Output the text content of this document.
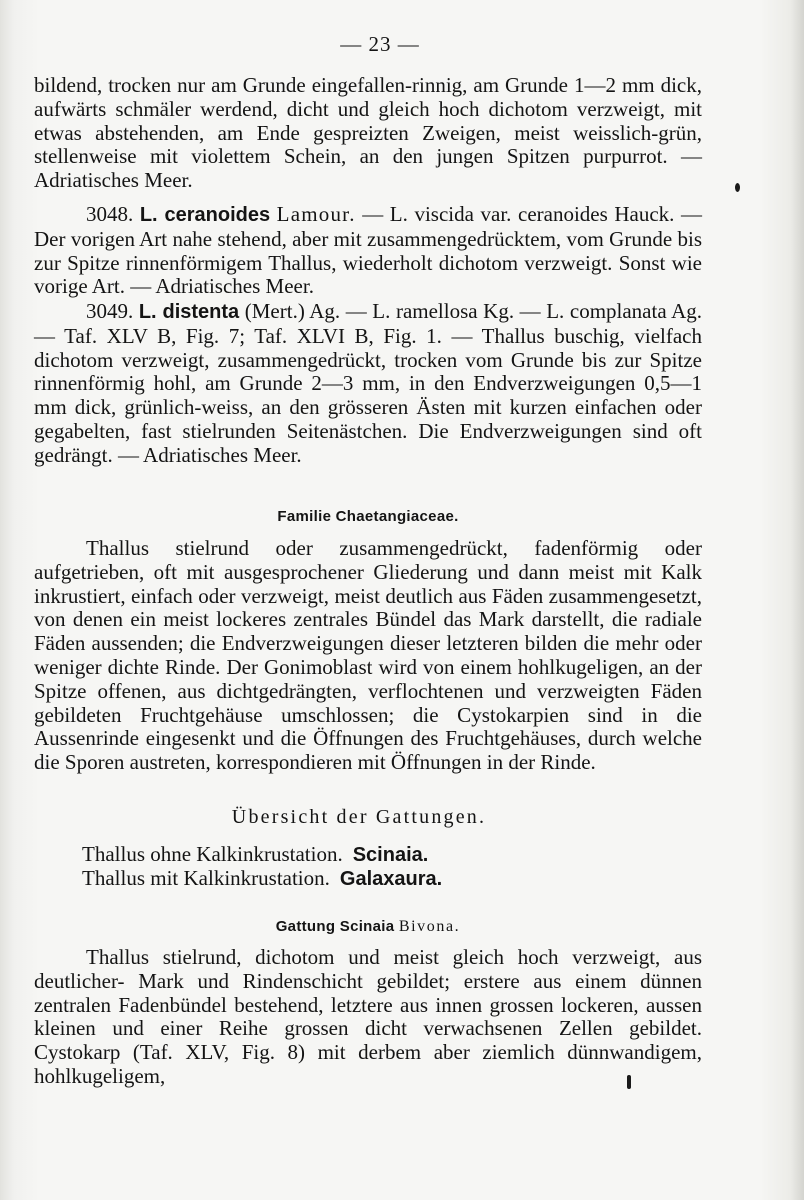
— 23 —

bildend, trocken nur am Grunde eingefallen-rinnig, am Grunde 1—2 mm dick, aufwärts schmäler werdend, dicht und gleich hoch dichotom verzweigt, mit etwas abstehenden, am Ende gespreizten Zweigen, meist weisslich-grün, stellenweise mit violettem Schein, an den jungen Spitzen purpurrot. — Adriatisches Meer.

3048. L. ceranoides Lamour. — L. viscida var. ceranoides Hauck. — Der vorigen Art nahe stehend, aber mit zusammengedrücktem, vom Grunde bis zur Spitze rinnenförmigem Thallus, wiederholt dichotom verzweigt. Sonst wie vorige Art. — Adriatisches Meer.

3049. L. distenta (Mert.) Ag. — L. ramellosa Kg. — L. complanata Ag. — Taf. XLV B, Fig. 7; Taf. XLVI B, Fig. 1. — Thallus buschig, vielfach dichotom verzweigt, zusammengedrückt, trocken vom Grunde bis zur Spitze rinnenförmig hohl, am Grunde 2—3 mm, in den Endverzweigungen 0,5—1 mm dick, grünlich-weiss, an den grösseren Ästen mit kurzen einfachen oder gegabelten, fast stielrunden Seitenästchen. Die Endverzweigungen sind oft gedrängt. — Adriatisches Meer.

Familie Chaetangiaceae.

Thallus stielrund oder zusammengedrückt, fadenförmig oder aufgetrieben, oft mit ausgesprochener Gliederung und dann meist mit Kalk inkrustiert, einfach oder verzweigt, meist deutlich aus Fäden zusammengesetzt, von denen ein meist lockeres zentrales Bündel das Mark darstellt, die radiale Fäden aussenden; die Endverzweigungen dieser letzteren bilden die mehr oder weniger dichte Rinde. Der Gonimoblast wird von einem hohlkugeligen, an der Spitze offenen, aus dichtgedrängten, verflochtenen und verzweigten Fäden gebildeten Fruchtgehäuse umschlossen; die Cystokarpien sind in die Aussenrinde eingesenkt und die Öffnungen des Fruchtgehäuses, durch welche die Sporen austreten, korrespondieren mit Öffnungen in der Rinde.

Übersicht der Gattungen.
Thallus ohne Kalkinkrustation. Scinaia.
Thallus mit Kalkinkrustation. Galaxaura.
Gattung Scinaia Bivona.

Thallus stielrund, dichotom und meist gleich hoch verzweigt, aus deutlicher- Mark und Rindenschicht gebildet; erstere aus einem dünnen zentralen Fadenbündel bestehend, letztere aus innen grossen lockeren, aussen kleinen und einer Reihe grossen dicht verwachsenen Zellen gebildet. Cystokarp (Taf. XLV, Fig. 8) mit derbem aber ziemlich dünnwandigem, hohlkugeligem,
